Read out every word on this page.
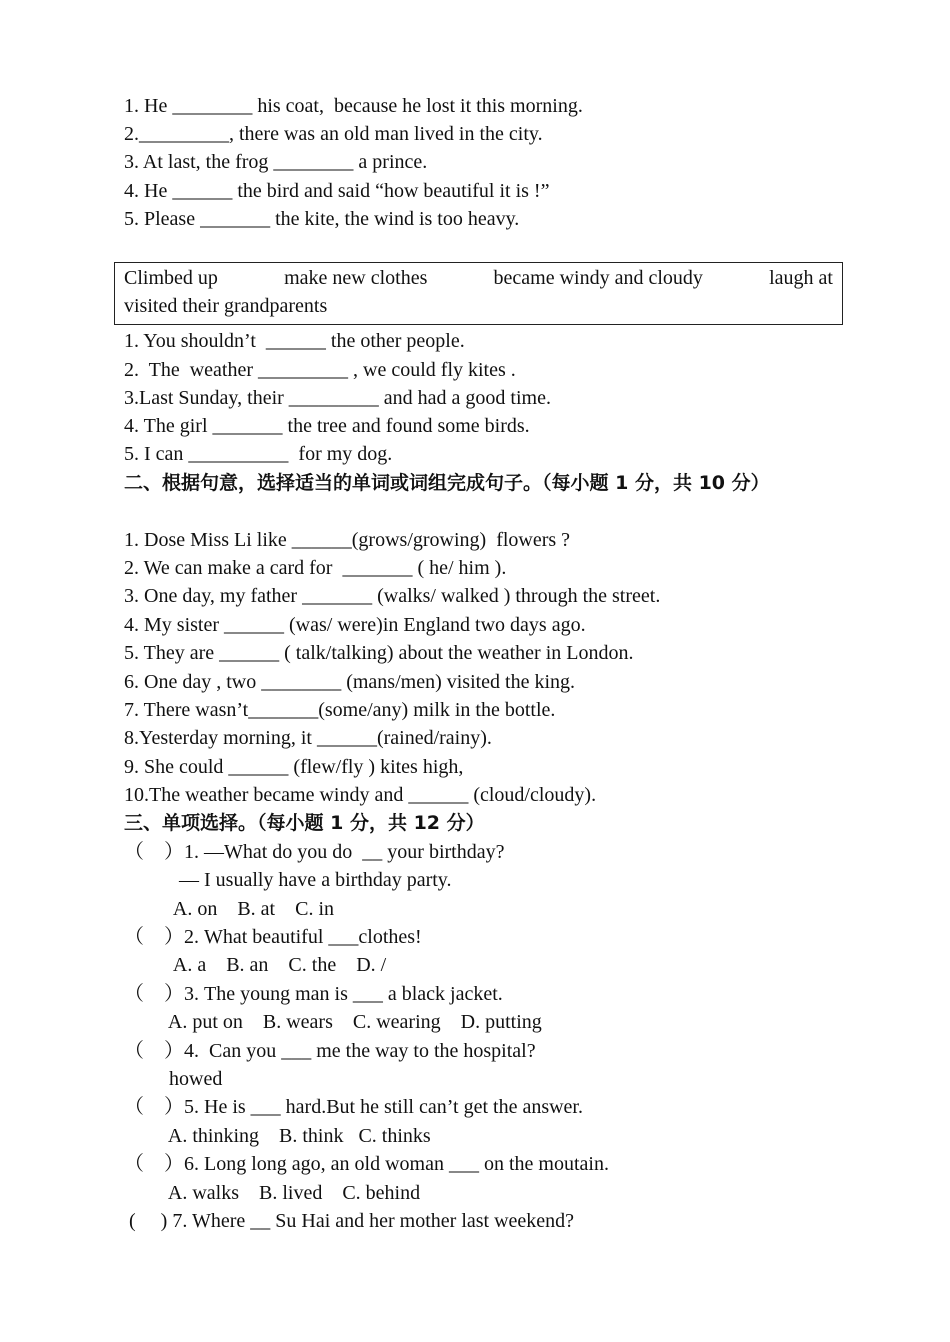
1. He ________ his coat,  because he lost it this morning.
2._________, there was an old man lived in the city.
3. At last, the frog ________ a prince.
4. He ______ the bird and said “how beautiful it is !”
5. Please _______ the kite, the wind is too heavy.
Climbed up	make new clothes	became windy and cloudy	laugh at
visited their grandparents
1. You shouldn’t  ______ the other people.
2.  The  weather _________ , we could fly kites .
3.Last Sunday, their _________ and had a good time.
4. The girl _______ the tree and found some birds.
5. I can __________  for my dog.
二、根据句意，选择适当的单词或词组完成句子。（每小题 1 分，共 10 分）
1. Dose Miss Li like ______(grows/growing)  flowers ?
2. We can make a card for  _______ ( he/ him ).
3. One day, my father _______ (walks/ walked ) through the street.
4. My sister ______ (was/ were)in England two days ago.
5. They are ______ ( talk/talking) about the weather in London.
6. One day , two ________ (mans/men) visited the king.
7. There wasn’t_______(some/any) milk in the bottle.
8.Yesterday morning, it ______(rained/rainy).
9. She could ______ (flew/fly ) kites high,
10.The weather became windy and ______ (cloud/cloudy).
三、单项选择。（每小题 1 分，共 12 分）
（    ）1. —What do you do  __ your birthday?
— I usually have a birthday party.
A. on    B. at    C. in
（    ）2. What beautiful ___clothes!
A. a    B. an    C. the    D. /
（    ）3. The young man is ___ a black jacket.
A. put on    B. wears    C. wearing    D. putting
（    ）4.  Can you ___ me the way to the hospital?
howed
（    ）5. He is ___ hard.But he still can’t get the answer.
A. thinking    B. think   C. thinks
（    ）6. Long long ago, an old woman ___ on the moutain.
A. walks    B. lived    C. behind
(     ) 7. Where __ Su Hai and her mother last weekend?
